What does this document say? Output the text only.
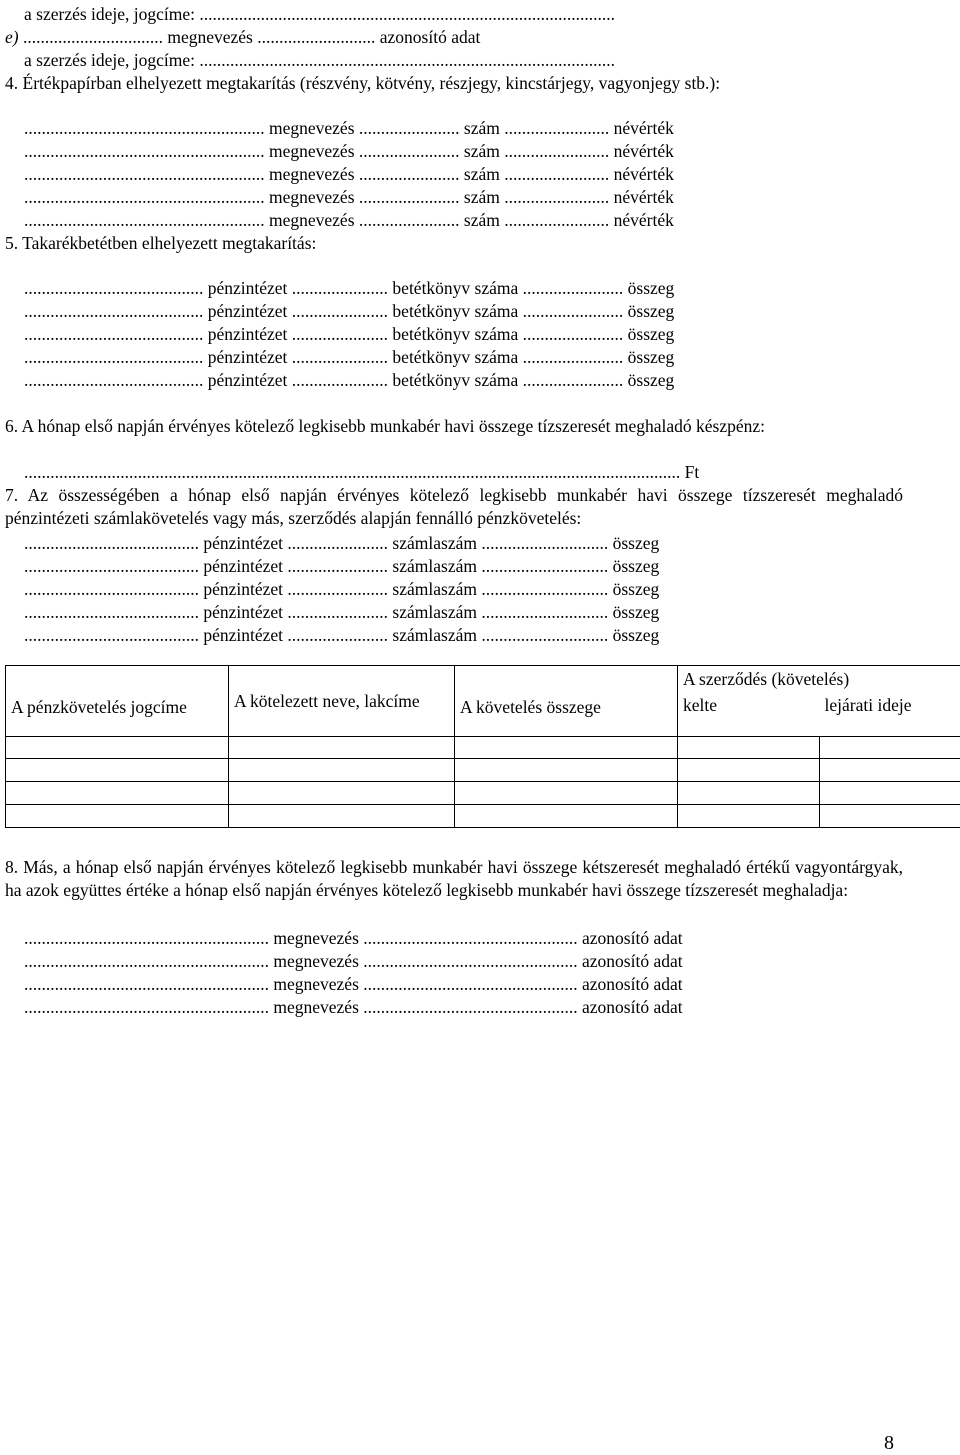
a szerzés ideje, jogcíme: ...............................................................................................
e) ................................ megnevezés ........................... azonosító adat
a szerzés ideje, jogcíme: ...............................................................................................
4. Értékpapírban elhelyezett megtakarítás (részvény, kötvény, részjegy, kincstárjegy, vagyonjegy stb.):
....................................................... megnevezés ....................... szám ........................ névérték
....................................................... megnevezés ....................... szám ........................ névérték
....................................................... megnevezés ....................... szám ........................ névérték
....................................................... megnevezés ....................... szám ........................ névérték
....................................................... megnevezés ....................... szám ........................ névérték
5. Takarékbetétben elhelyezett megtakarítás:
......................................... pénzintézet ...................... betétkönyv száma ....................... összeg
......................................... pénzintézet ...................... betétkönyv száma ....................... összeg
......................................... pénzintézet ...................... betétkönyv száma ....................... összeg
......................................... pénzintézet ...................... betétkönyv száma ....................... összeg
......................................... pénzintézet ...................... betétkönyv száma ....................... összeg
6. A hónap első napján érvényes kötelező legkisebb munkabér havi összege tízszeresét meghaladó készpénz:
...................................................................................................................................................... Ft
7. Az összességében a hónap első napján érvényes kötelező legkisebb munkabér havi összege tízszeresét meghaladó pénzintézeti számlakövetelés vagy más, szerződés alapján fennálló pénzkövetelés:
........................................ pénzintézet ....................... számlaszám ............................. összeg
........................................ pénzintézet ....................... számlaszám ............................. összeg
........................................ pénzintézet ....................... számlaszám ............................. összeg
........................................ pénzintézet ....................... számlaszám ............................. összeg
........................................ pénzintézet ....................... számlaszám ............................. összeg
A pénzkövetelés jogcíme	A kötelezett neve, lakcíme	A követelés összege	A szerződés (követelés)	
			kelte	lejárati ideje

8. Más, a hónap első napján érvényes kötelező legkisebb munkabér havi összege kétszeresét meghaladó értékű vagyontárgyak, ha azok együttes értéke a hónap első napján érvényes kötelező legkisebb munkabér havi összege tízszeresét meghaladja:
........................................................ megnevezés ................................................. azonosító adat
........................................................ megnevezés ................................................. azonosító adat
........................................................ megnevezés ................................................. azonosító adat
........................................................ megnevezés ................................................. azonosító adat
8
